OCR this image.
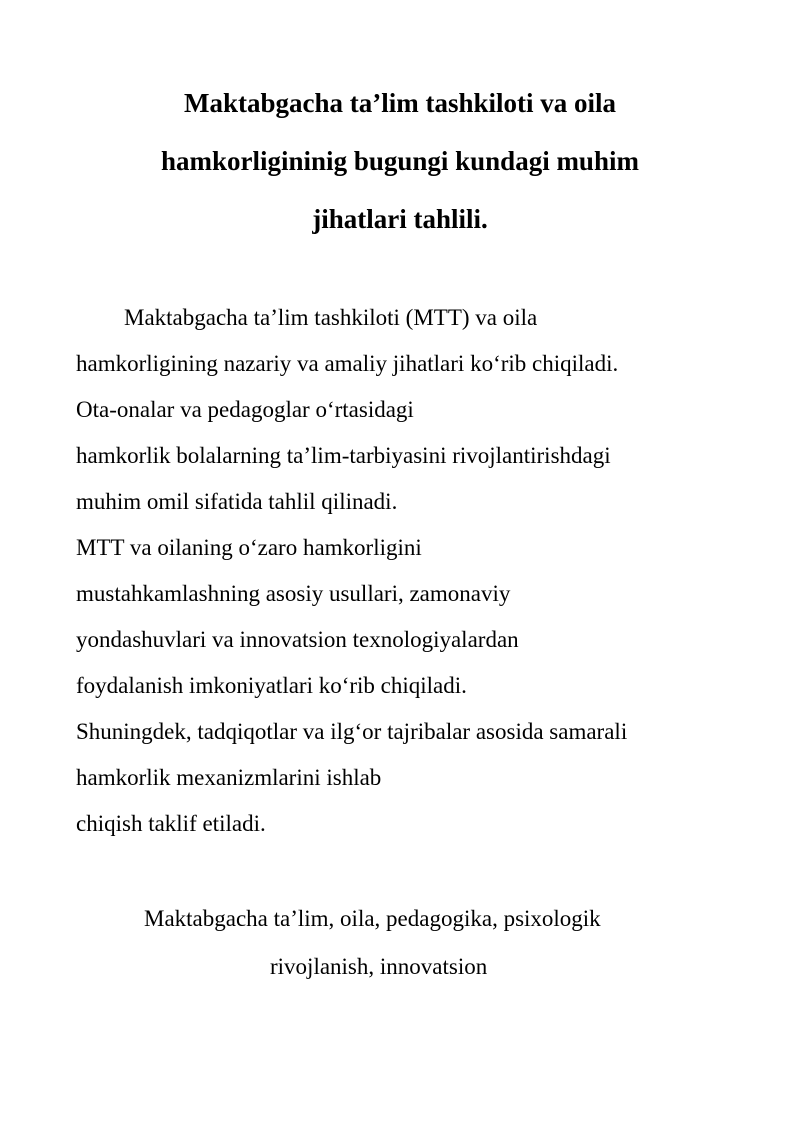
Maktabgacha ta’lim tashkiloti va oila
hamkorligininig bugungi kundagi muhim
jihatlari tahlili.
Maktabgacha ta’lim tashkiloti (MTT) va oila
hamkorligining nazariy va amaliy jihatlari ko‘rib chiqiladi.
Ota-onalar va pedagoglar o‘rtasidagi
hamkorlik bolalarning ta’lim-tarbiyasini rivojlantirishdagi
muhim omil sifatida tahlil qilinadi.
MTT va oilaning o‘zaro hamkorligini
mustahkamlashning asosiy usullari, zamonaviy
yondashuvlari va innovatsion texnologiyalardan
foydalanish imkoniyatlari ko‘rib chiqiladi.
Shuningdek, tadqiqotlar va ilg‘or tajribalar asosida samarali
hamkorlik mexanizmlarini ishlab
chiqish taklif etiladi.
Maktabgacha ta’lim, oila, pedagogika, psixologik
rivojlanish, innovatsion
